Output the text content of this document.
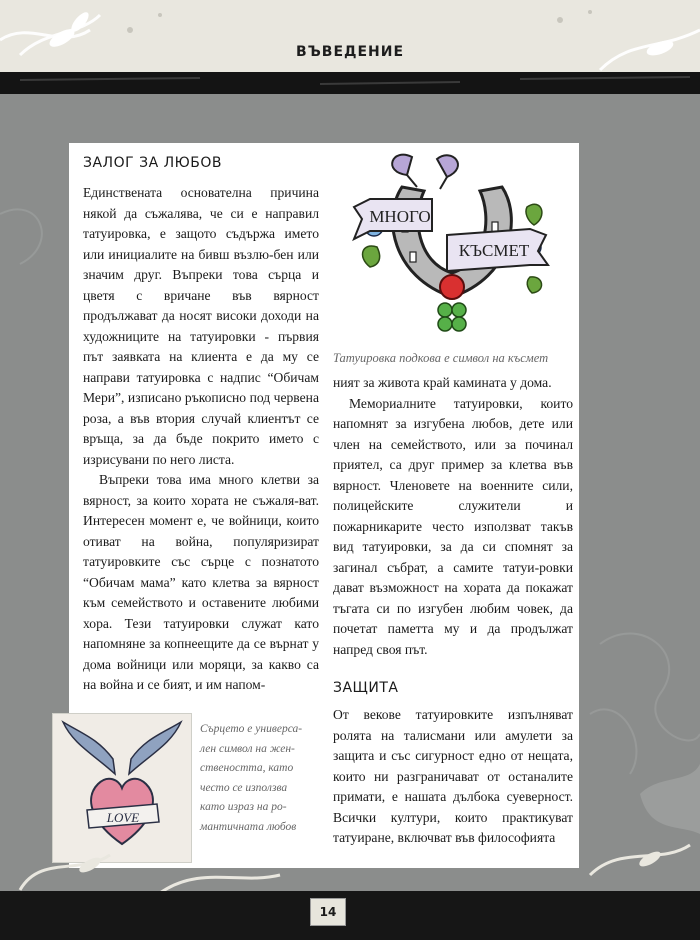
ВЪВЕДЕНИЕ
ЗАЛОГ ЗА ЛЮБОВ

Единствената основателна причина някой да съжалява, че си е направил татуировка, е защото съдържа името или инициалите на бивш възлю-бен или значим друг. Въпреки това сърца и цветя с вричане във вярност продължават да носят високи доходи на художниците на татуировки - първия път заявката на клиента е да му се направи татуировка с надпис “Обичам Мери”, изписано ръкописно под червена роза, а във втория случай клиентът се връща, за да бъде покрито името с изрисувани по него листа.

Въпреки това има много клетви за вярност, за които хората не съжаля-ват. Интересен момент е, че войници, които отиват на война, популяризират татуировките със сърце с познатото “Обичам мама” като клетва за вярност към семейството и оставените любими хора. Тези татуировки служат като напомняне за копнеещите да се върнат у дома войници или моряци, за какво са на война и се бият, и им напом-

МНОГО
КЪСМЕТ
Татуировка подкова е символ на късмет

ният за живота край камината у дома.

Мемориалните татуировки, които напомнят за изгубена любов, дете или член на семейството, или за починал приятел, са друг пример за клетва във вярност. Членовете на военните сили, полицейските служители и пожарникарите често използват такъв вид татуировки, за да си спомнят за загинал събрат, а самите татуи-ровки дават възможност на хората да покажат тъгата си по изгубен любим човек, да почетат паметта му и да продължат напред своя път.

ЗАЩИТА

От векове татуировките изпълняват ролята на талисмани или амулети за защита и със сигурност едно от нещата, които ни разграничават от останалите примати, е нашата дълбока суеверност. Всички култури, които практикуват татуиране, включват във философията

LOVE
Сърцето е универса-лен символ на жен-ствеността, като често се използва като израз на ро-мантичната любов
14
